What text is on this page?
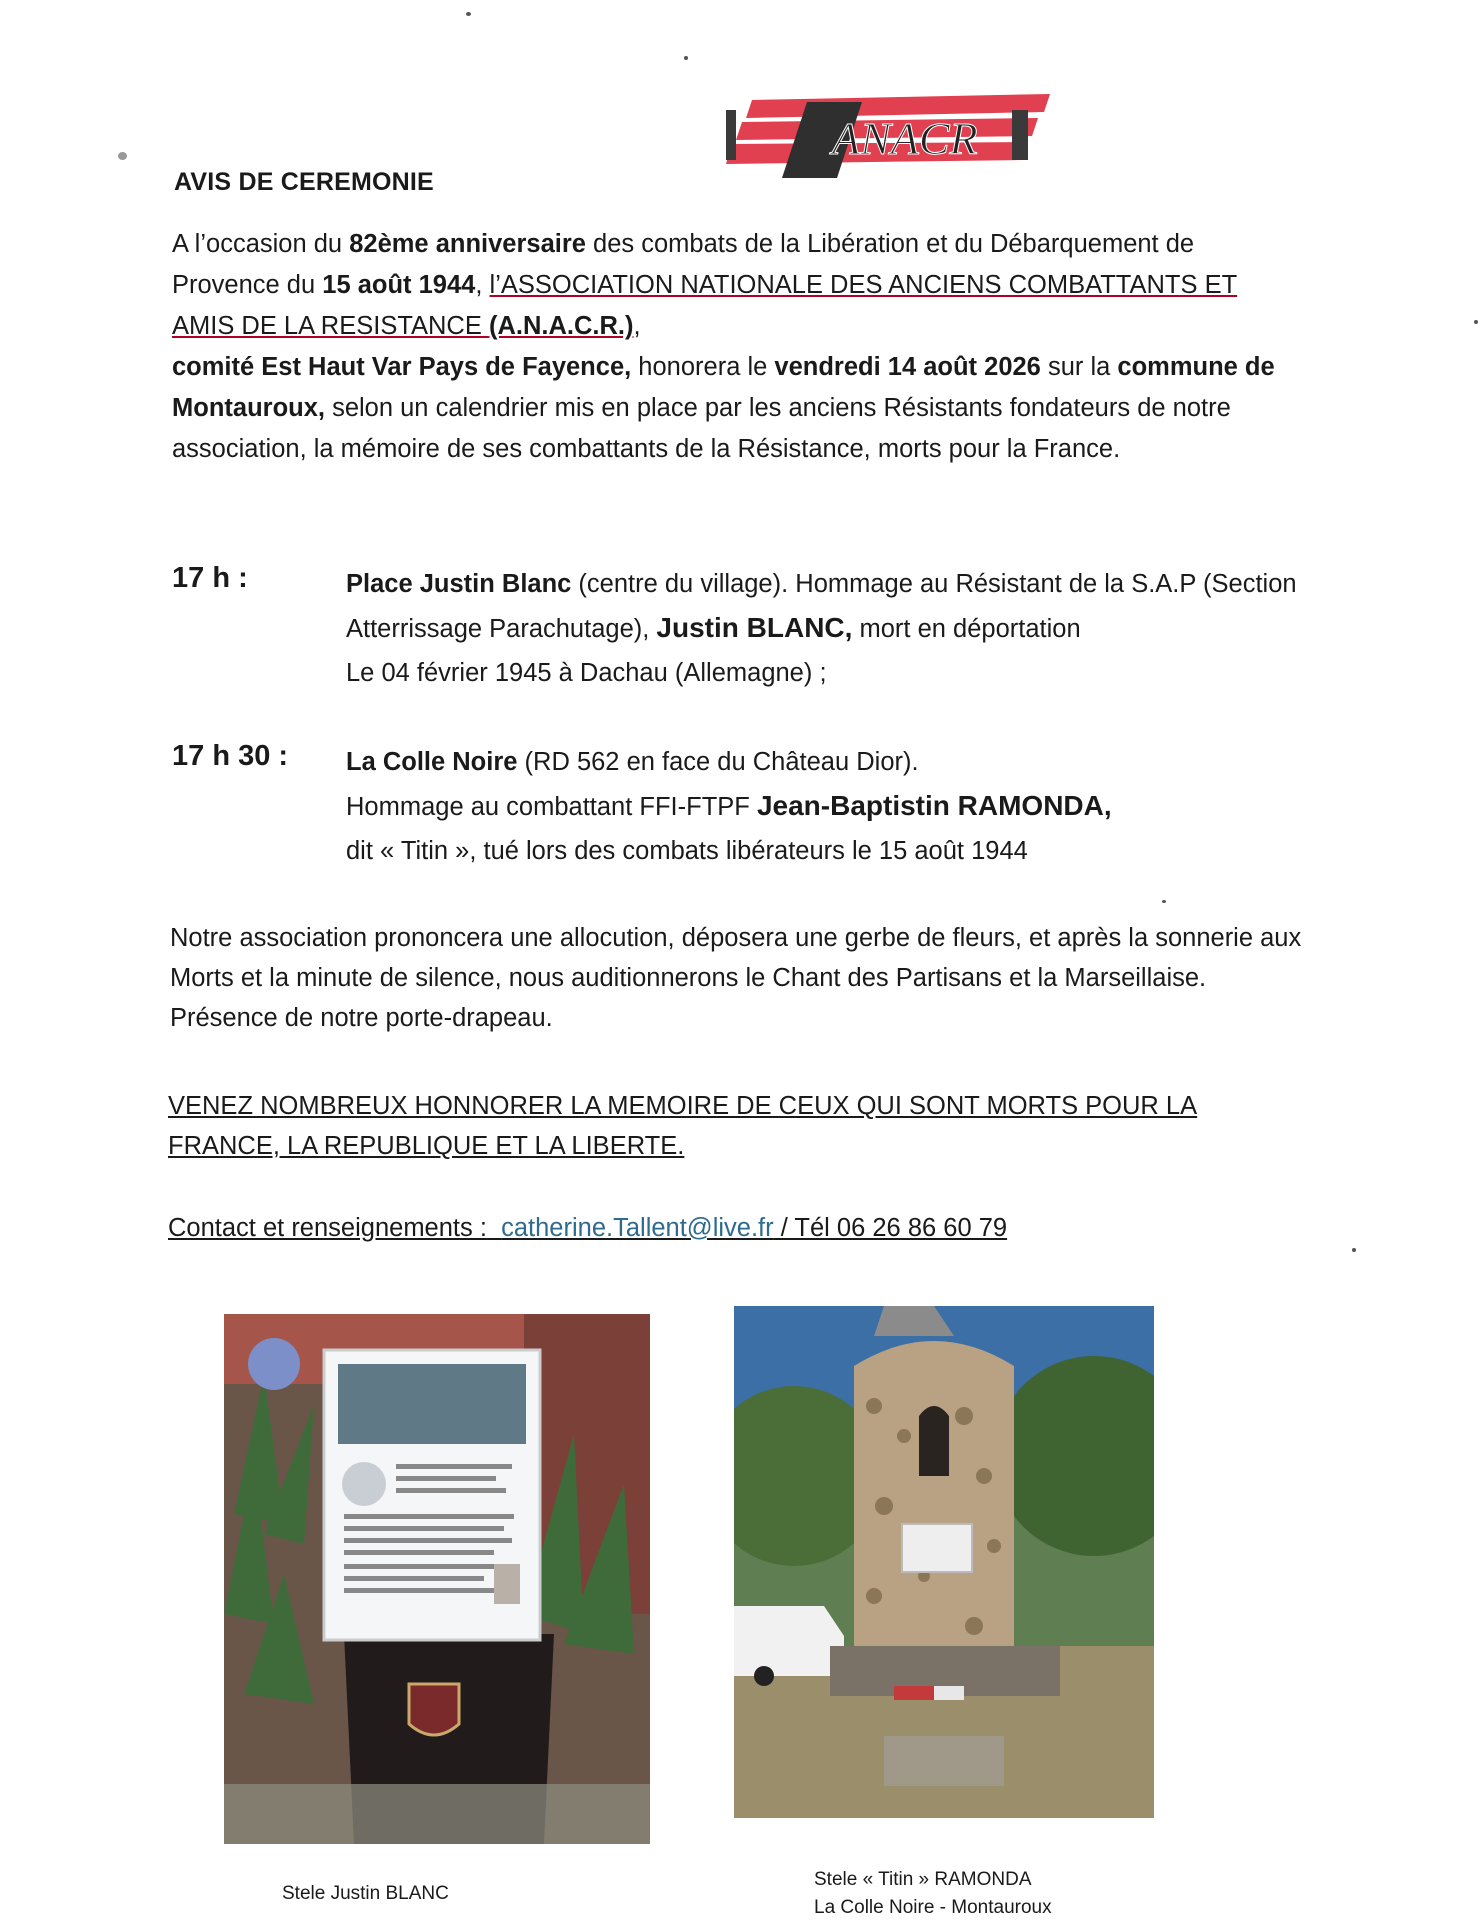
ANACR
AVIS DE CEREMONIE
A l’occasion du 82ème anniversaire des combats de la Libération et du Débarquement de Provence du 15 août 1944, l’ASSOCIATION NATIONALE DES ANCIENS COMBATTANTS ET AMIS DE LA RESISTANCE (A.N.A.C.R.),
comité Est Haut Var Pays de Fayence, honorera le vendredi 14 août 2026 sur la commune de Montauroux, selon un calendrier mis en place par les anciens Résistants fondateurs de notre association, la mémoire de ses combattants de la Résistance, morts pour la France.
17 h :	Place Justin Blanc (centre du village). Hommage au Résistant de la S.A.P (Section Atterrissage Parachutage), Justin BLANC, mort en déportation
Le 04 février 1945 à Dachau (Allemagne) ;
17 h 30 : La Colle Noire (RD 562 en face du Château Dior).
Hommage au combattant FFI-FTPF Jean-Baptistin RAMONDA,
dit « Titin », tué lors des combats libérateurs le 15 août 1944
Notre association prononcera une allocution, déposera une gerbe de fleurs, et après la sonnerie aux Morts et la minute de silence, nous auditionnerons le Chant des Partisans et la Marseillaise. Présence de notre porte-drapeau.
VENEZ NOMBREUX HONNORER LA MEMOIRE DE CEUX QUI SONT MORTS POUR LA FRANCE, LA REPUBLIQUE ET LA LIBERTE.
Contact et renseignements : catherine.Tallent@live.fr / Tél 06 26 86 60 79
Stele Justin BLANC
Stele « Titin » RAMONDA
La Colle Noire - Montauroux
